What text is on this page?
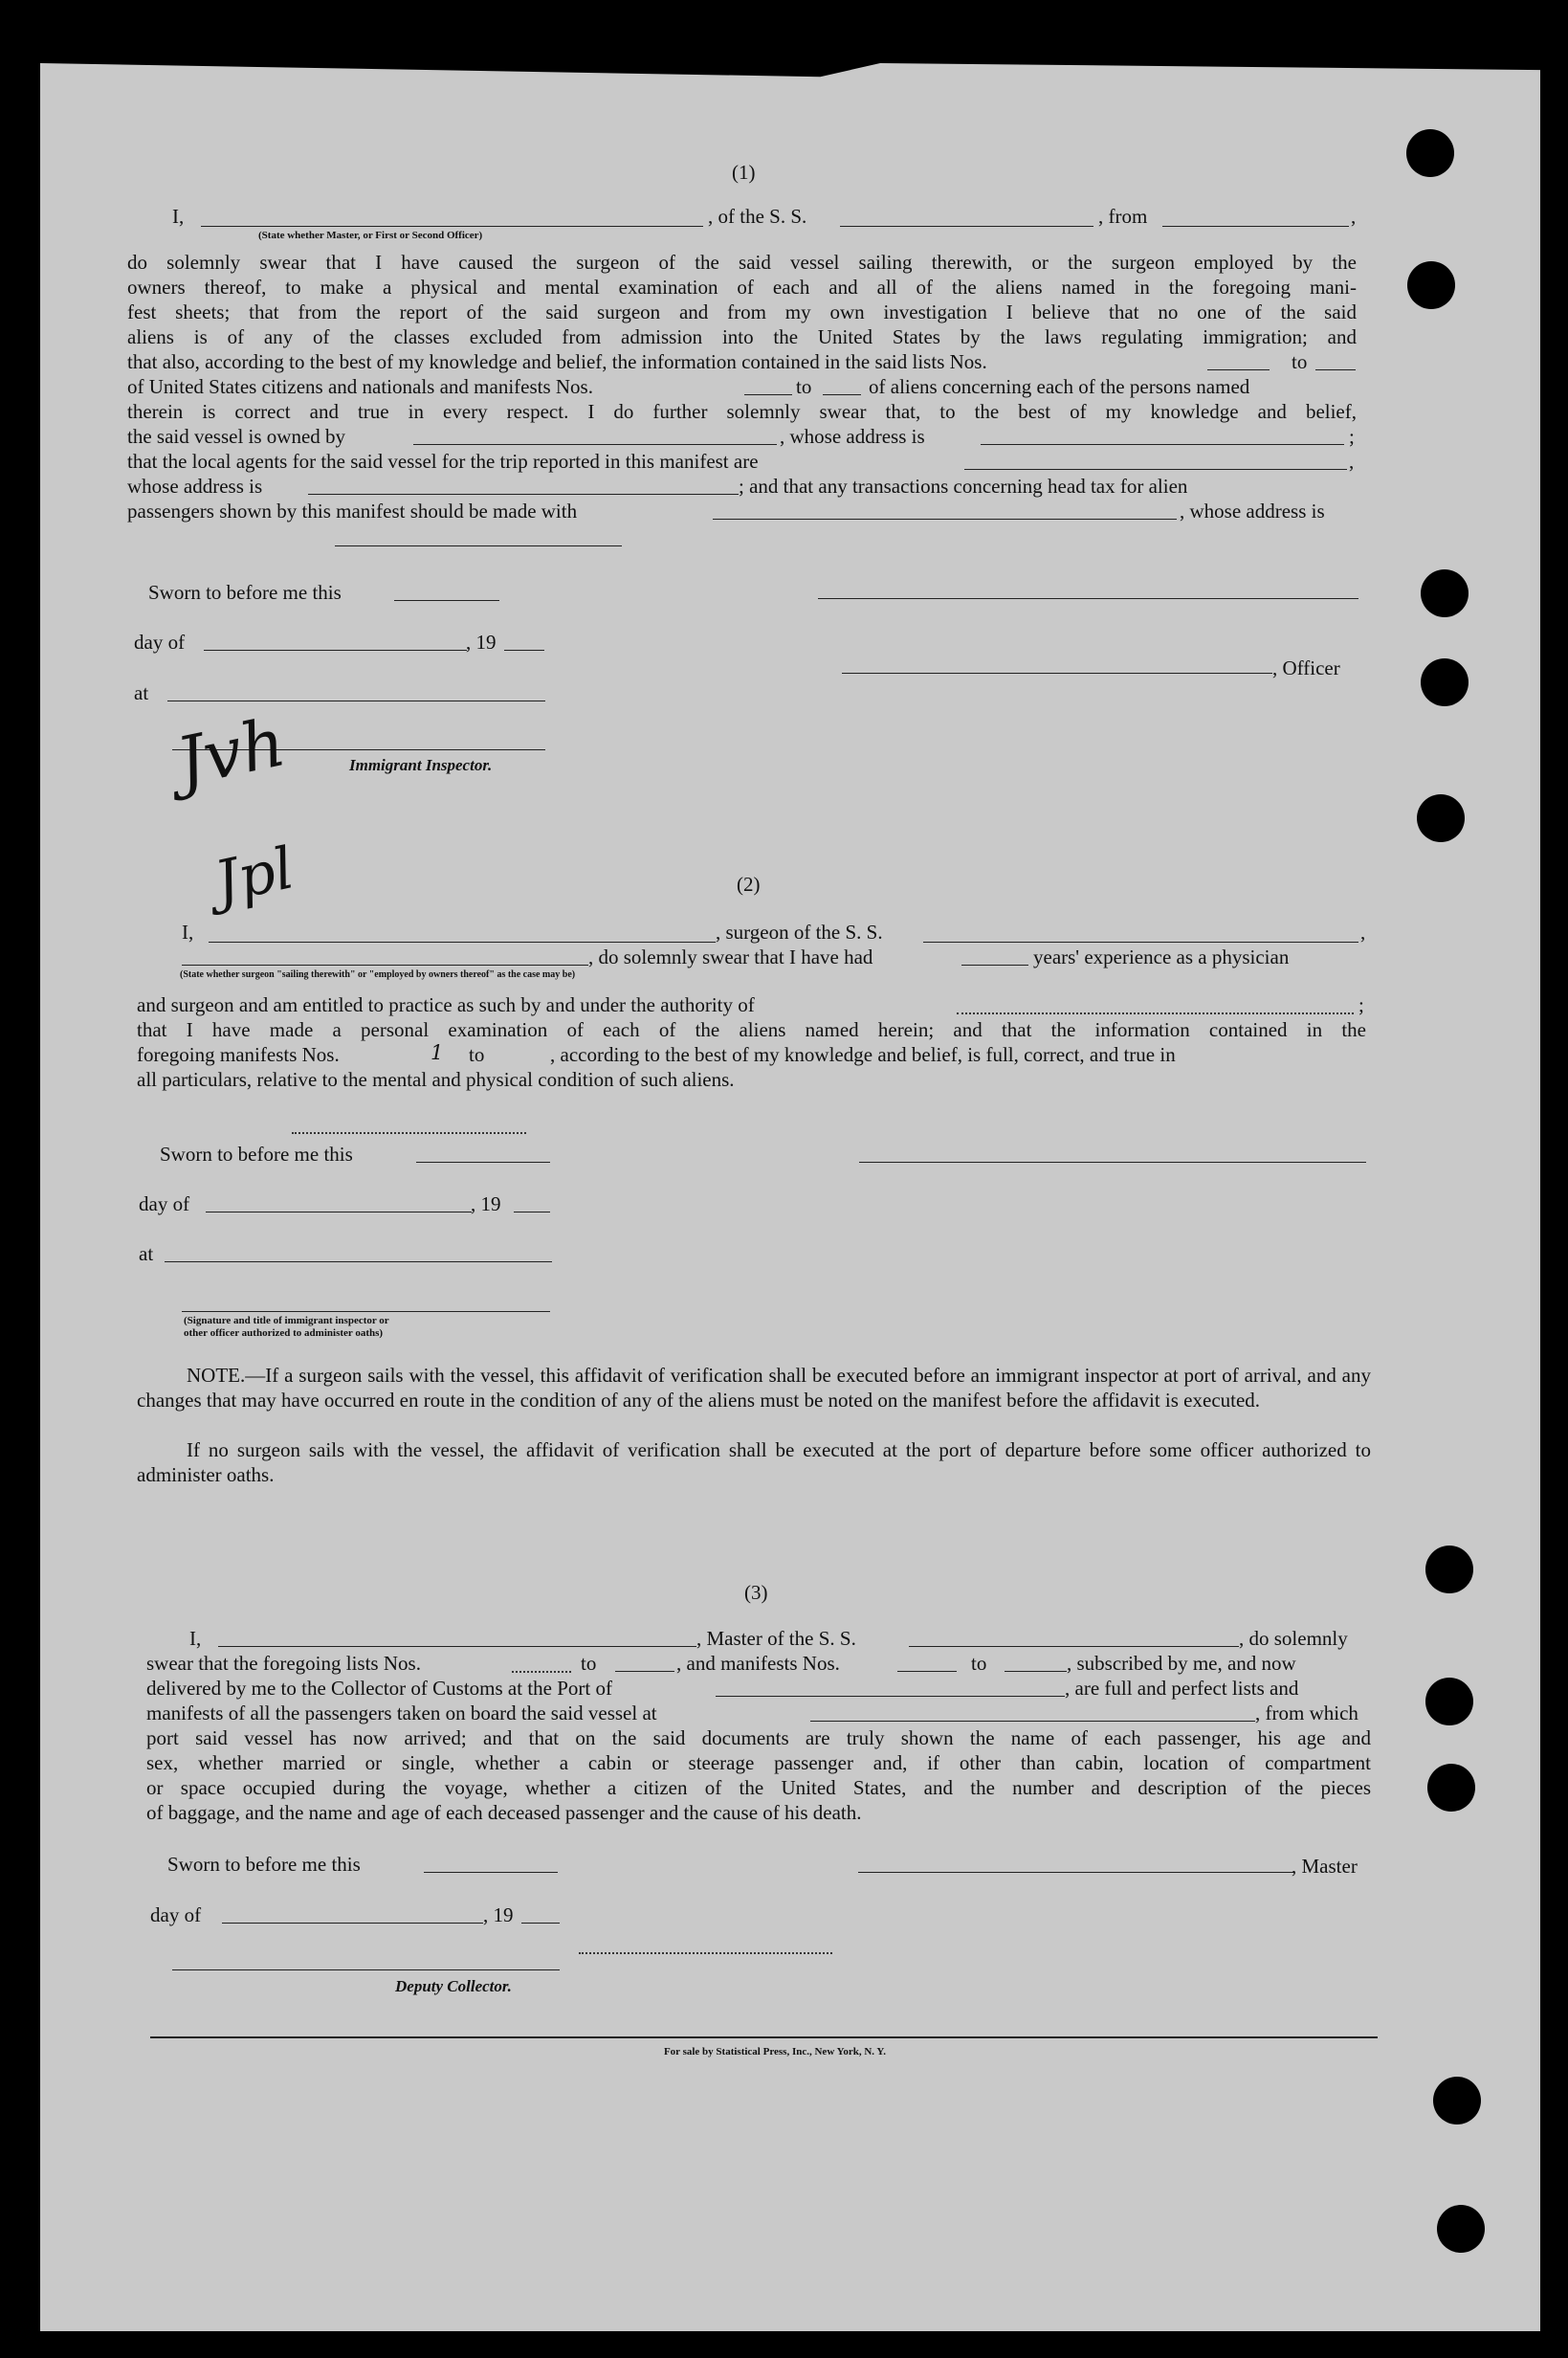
(1)
I,	, of the S. S.	, from	,
(State whether Master, or First or Second Officer)
do solemnly swear that I have caused the surgeon of the said vessel sailing therewith, or the surgeon employed by the
owners thereof, to make a physical and mental examination of each and all of the aliens named in the foregoing mani-
fest sheets; that from the report of the said surgeon and from my own investigation I believe that no one of the said
aliens is of any of the classes excluded from admission into the United States by the laws regulating immigration; and
that also, according to the best of my knowledge and belief, the information contained in the said lists Nos.	to
of United States citizens and nationals and manifests Nos.	to	of aliens concerning each of the persons named
therein is correct and true in every respect. I do further solemnly swear that, to the best of my knowledge and belief,
the said vessel is owned by	, whose address is	;
that the local agents for the said vessel for the trip reported in this manifest are	,
whose address is	; and that any transactions concerning head tax for alien
passengers shown by this manifest should be made with	, whose address is
Sworn to before me this
day of	, 19
, Officer
at
Immigrant Inspector.
Jvh
Jpl	(2)
I,	, surgeon of the S. S.	,
, do solemnly swear that I have had	years' experience as a physician
(State whether surgeon "sailing therewith" or "employed by owners thereof" as the case may be)
and surgeon and am entitled to practice as such by and under the authority of	;
that I have made a personal examination of each of the aliens named herein; and that the information contained in the
foregoing manifests Nos.	1 to	, according to the best of my knowledge and belief, is full, correct, and true in
all particulars, relative to the mental and physical condition of such aliens.
Sworn to before me this
day of	, 19
at
(Signature and title of immigrant inspector or
other officer authorized to administer oaths)
NOTE.—If a surgeon sails with the vessel, this affidavit of verification shall be executed before an immigrant inspector at port of arrival, and any changes that may have occurred en route in the condition of any of the aliens must be noted on the manifest before the affidavit is executed.
If no surgeon sails with the vessel, the affidavit of verification shall be executed at the port of departure before some officer authorized to administer oaths.
(3)
I,	, Master of the S. S.	, do solemnly
swear that the foregoing lists Nos.	to	, and manifests Nos.	to	, subscribed by me, and now
delivered by me to the Collector of Customs at the Port of	, are full and perfect lists and
manifests of all the passengers taken on board the said vessel at	, from which
port said vessel has now arrived; and that on the said documents are truly shown the name of each passenger, his age and
sex, whether married or single, whether a cabin or steerage passenger and, if other than cabin, location of compartment
or space occupied during the voyage, whether a citizen of the United States, and the number and description of the pieces
of baggage, and the name and age of each deceased passenger and the cause of his death.
Sworn to before me this	, Master
day of	, 19
Deputy Collector.
For sale by Statistical Press, Inc., New York, N. Y.
